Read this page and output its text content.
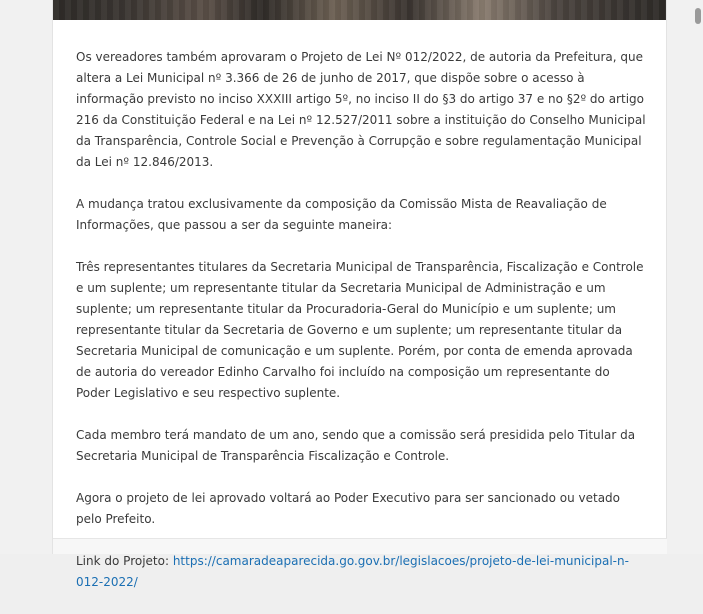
Os vereadores também aprovaram o Projeto de Lei Nº 012/2022, de autoria da Prefeitura, que altera a Lei Municipal nº 3.366 de 26 de junho de 2017, que dispõe sobre o acesso à informação previsto no inciso XXXIII artigo 5º, no inciso II do §3 do artigo 37 e no §2º do artigo 216 da Constituição Federal e na Lei nº 12.527/2011 sobre a instituição do Conselho Municipal da Transparência, Controle Social e Prevenção à Corrupção e sobre regulamentação Municipal da Lei nº 12.846/2013.

A mudança tratou exclusivamente da composição da Comissão Mista de Reavaliação de Informações, que passou a ser da seguinte maneira:

Três representantes titulares da Secretaria Municipal de Transparência, Fiscalização e Controle e um suplente; um representante titular da Secretaria Municipal de Administração e um suplente; um representante titular da Procuradoria-Geral do Município e um suplente; um representante titular da Secretaria de Governo e um suplente; um representante titular da Secretaria Municipal de comunicação e um suplente. Porém, por conta de emenda aprovada de autoria do vereador Edinho Carvalho foi incluído na composição um representante do Poder Legislativo e seu respectivo suplente.

Cada membro terá mandato de um ano, sendo que a comissão será presidida pelo Titular da Secretaria Municipal de Transparência Fiscalização e Controle.

Agora o projeto de lei aprovado voltará ao Poder Executivo para ser sancionado ou vetado pelo Prefeito.

Link do Projeto: https://camaradeaparecida.go.gov.br/legislacoes/projeto-de-lei-municipal-n-012-2022/
